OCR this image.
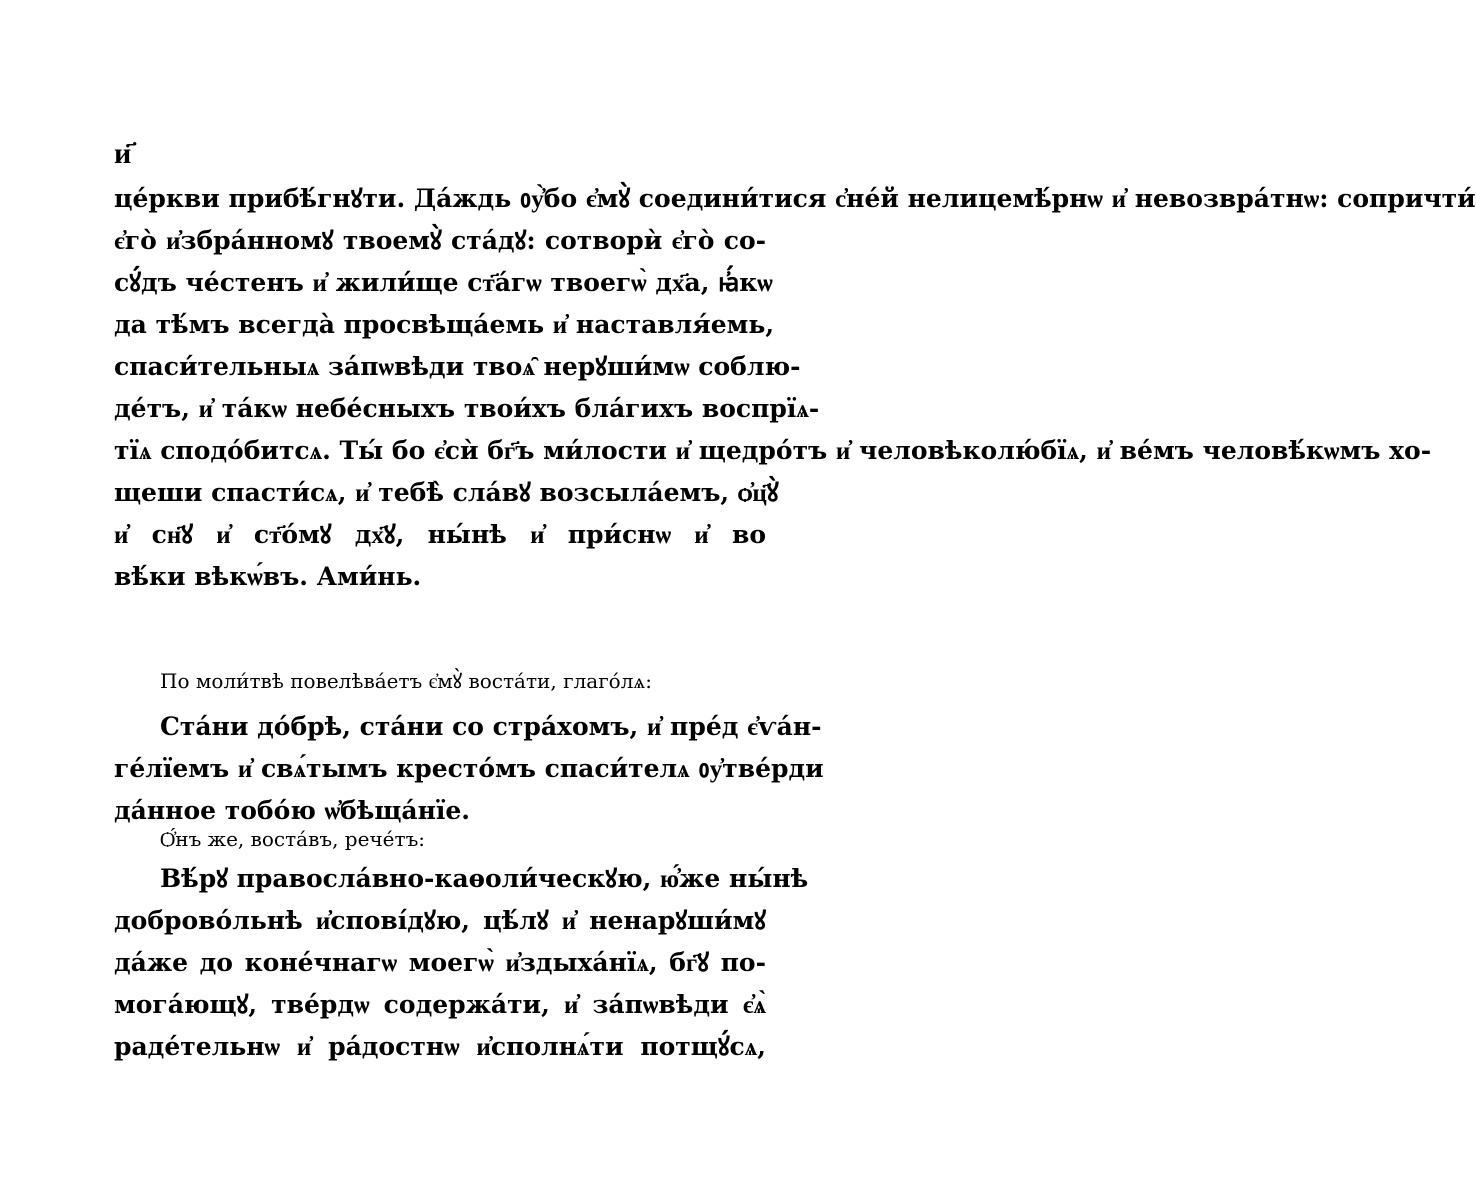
и҃
це́ркви прибѣ́гнꙋти. Да́ждь ᲂу҆̀бо є҆мꙋ̀ соедини́тися с҆не́й нелицемѣ́рнѡ и҆ невозвра́тнѡ: сопричти́
є҆го̀ и҆збра́нномꙋ твоемꙋ̀ ста́дꙋ: сотворѝ є҆го̀ со-
сꙋ́дъ че́стенъ и҆ жили́ще ст҃а́гѡ твоегѡ̀ дх҃а, ꙗ҆́кѡ
да тѣ́мъ всегда̀ просвѣща́емь и҆ наставля́емь,
спаси́тельныѧ за́пѡвѣди твоѧ̑ нерꙋши́мѡ соблю-
де́тъ, и҆ та́кѡ небе́сныхъ твои́хъ бла́гихъ воспрїѧ-
тїѧ сподо́битсѧ. Ты́ бо є҆сѝ бг҃ъ ми́лости и҆ щедро́тъ и҆ человѣколю́бїѧ, и҆ ве́мъ человѣ́кѡмъ хо-
щеши спасти́сѧ, и҆ тебѣ̀ сла́вꙋ возсыла́емъ, ѻ҆ц҃ꙋ̀
и҆ сн҃ꙋ и҆ ст҃о́мꙋ дх҃ꙋ, ны́нѣ и҆ при́снѡ и҆ во
вѣ́ки вѣкѡ́въ. Ами́нь.
По моли́твѣ повелѣва́етъ є҆мꙋ̀ воста́ти, глаго́лѧ:
Ста́ни до́брѣ, ста́ни со стра́хомъ, и҆ пре́д є҆ѵа́н-
ге́лїемъ и҆ свѧ́тымъ кресто́мъ спаси́телѧ ᲂу҆тве́рди
да́нное тобо́ю ѡ҆бѣща́нїе.
Ѻ҆́нъ же, воста́въ, рече́тъ:
Вѣ́рꙋ правосла́вно-каѳоли́ческꙋю, ю҆́же ны́нѣ
доброво́льнѣ и҆спові́дꙋю, цѣ́лꙋ и҆ ненарꙋши́мꙋ
да́же до коне́чнагѡ моегѡ̀ и҆здыха́нїѧ, бг҃ꙋ по-
мога́ющꙋ, тве́рдѡ содержа́ти, и҆ за́пѡвѣди є҆ѧ̀
раде́тельнѡ и҆ ра́достнѡ и҆сполнѧ́ти потщꙋ́сѧ,
